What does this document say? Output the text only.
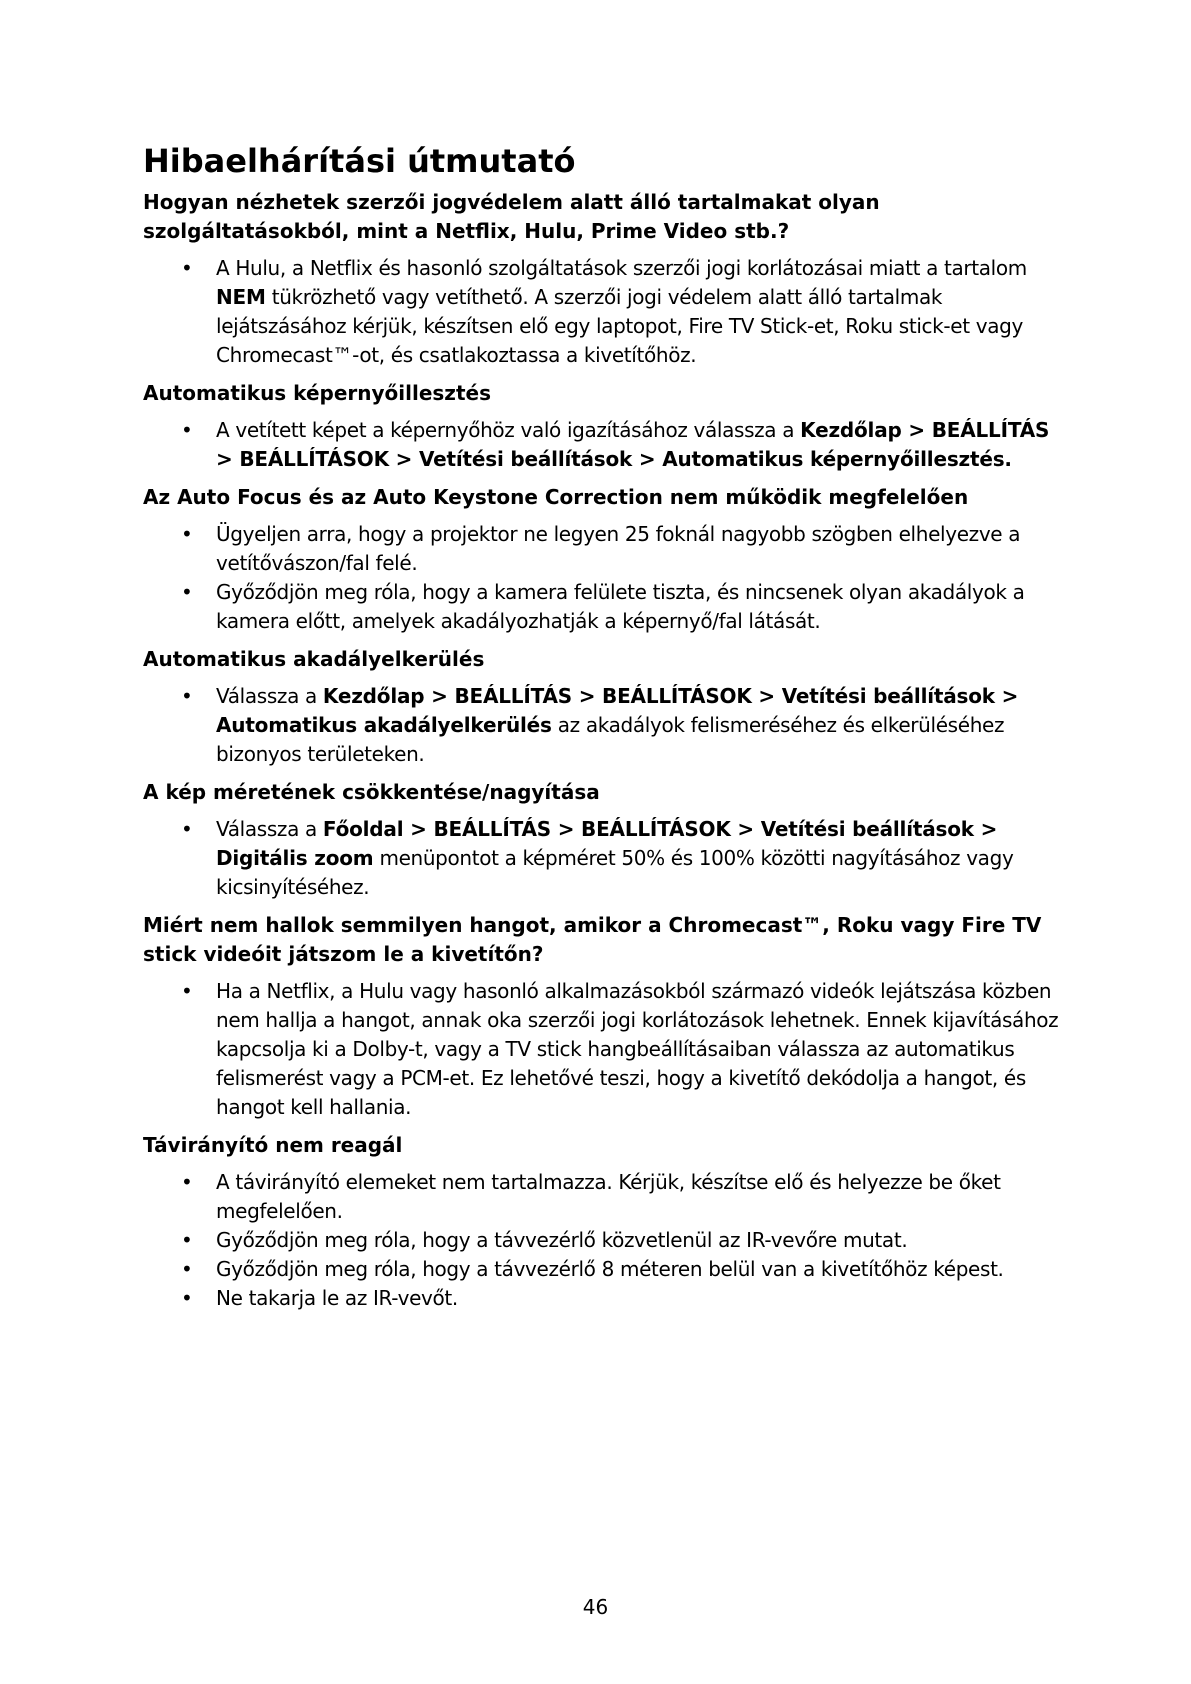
Hibaelhárítási útmutató
Hogyan nézhetek szerzői jogvédelem alatt álló tartalmakat olyan szolgáltatásokból, mint a Netflix, Hulu, Prime Video stb.?
• A Hulu, a Netflix és hasonló szolgáltatások szerzői jogi korlátozásai miatt a tartalom NEM tükrözhető vagy vetíthető. A szerzői jogi védelem alatt álló tartalmak lejátszásához kérjük, készítsen elő egy laptopot, Fire TV Stick-et, Roku stick-et vagy Chromecast™-ot, és csatlakoztassa a kivetítőhöz.
Automatikus képernyőillesztés
• A vetített képet a képernyőhöz való igazításához válassza a Kezdőlap > BEÁLLÍTÁS > BEÁLLÍTÁSOK > Vetítési beállítások > Automatikus képernyőillesztés.
Az Auto Focus és az Auto Keystone Correction nem működik megfelelően
• Ügyeljen arra, hogy a projektor ne legyen 25 foknál nagyobb szögben elhelyezve a vetítővászon/fal felé.
• Győződjön meg róla, hogy a kamera felülete tiszta, és nincsenek olyan akadályok a kamera előtt, amelyek akadályozhatják a képernyő/fal látását.
Automatikus akadályelkerülés
• Válassza a Kezdőlap > BEÁLLÍTÁS > BEÁLLÍTÁSOK > Vetítési beállítások > Automatikus akadályelkerülés az akadályok felismeréséhez és elkerüléséhez bizonyos területeken.
A kép méretének csökkentése/nagyítása
• Válassza a Főoldal > BEÁLLÍTÁS > BEÁLLÍTÁSOK > Vetítési beállítások > Digitális zoom menüpontot a képméret 50% és 100% közötti nagyításához vagy kicsinyítéséhez.
Miért nem hallok semmilyen hangot, amikor a Chromecast™, Roku vagy Fire TV stick videóit játszom le a kivetítőn?
• Ha a Netflix, a Hulu vagy hasonló alkalmazásokból származó videók lejátszása közben nem hallja a hangot, annak oka szerzői jogi korlátozások lehetnek. Ennek kijavításához kapcsolja ki a Dolby-t, vagy a TV stick hangbeállításaiban válassza az automatikus felismerést vagy a PCM-et. Ez lehetővé teszi, hogy a kivetítő dekódolja a hangot, és hangot kell hallania.
Távirányító nem reagál
• A távirányító elemeket nem tartalmazza. Kérjük, készítse elő és helyezze be őket megfelelően.
• Győződjön meg róla, hogy a távvezérlő közvetlenül az IR-vevőre mutat.
• Győződjön meg róla, hogy a távvezérlő 8 méteren belül van a kivetítőhöz képest.
• Ne takarja le az IR-vevőt.
46
